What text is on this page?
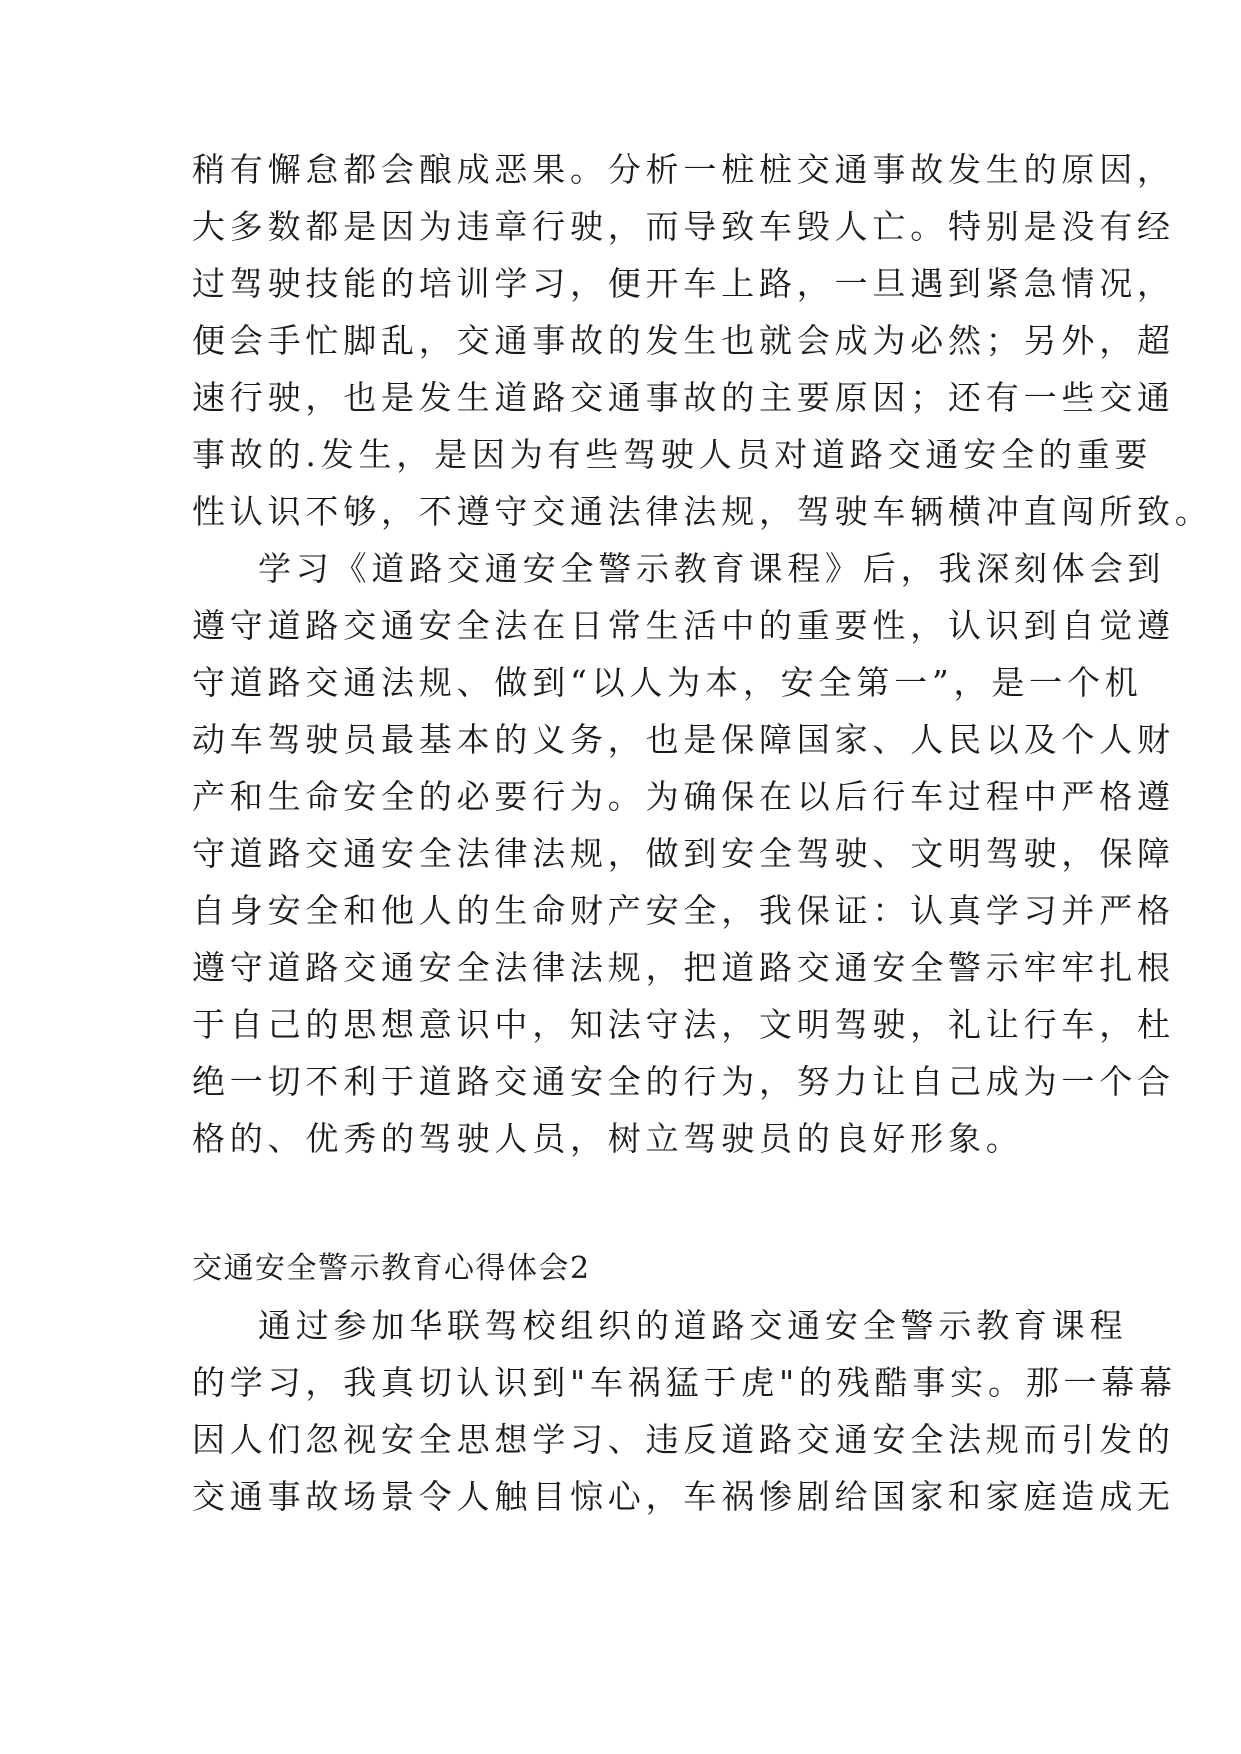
稍有懈怠都会酿成恶果。分析一桩桩交通事故发生的原因，
大多数都是因为违章行驶，而导致车毁人亡。特别是没有经
过驾驶技能的培训学习，便开车上路，一旦遇到紧急情况，
便会手忙脚乱，交通事故的发生也就会成为必然；另外，超
速行驶，也是发生道路交通事故的主要原因；还有一些交通
事故的.发生，是因为有些驾驶人员对道路交通安全的重要
性认识不够，不遵守交通法律法规，驾驶车辆横冲直闯所致。
学习《道路交通安全警示教育课程》后，我深刻体会到
遵守道路交通安全法在日常生活中的重要性，认识到自觉遵
守道路交通法规、做到“以人为本，安全第一”，是一个机
动车驾驶员最基本的义务，也是保障国家、人民以及个人财
产和生命安全的必要行为。为确保在以后行车过程中严格遵
守道路交通安全法律法规，做到安全驾驶、文明驾驶，保障
自身安全和他人的生命财产安全，我保证：认真学习并严格
遵守道路交通安全法律法规，把道路交通安全警示牢牢扎根
于自己的思想意识中，知法守法，文明驾驶，礼让行车，杜
绝一切不利于道路交通安全的行为，努力让自己成为一个合
格的、优秀的驾驶人员，树立驾驶员的良好形象。
交通安全警示教育心得体会2
通过参加华联驾校组织的道路交通安全警示教育课程
的学习，我真切认识到"车祸猛于虎"的残酷事实。那一幕幕
因人们忽视安全思想学习、违反道路交通安全法规而引发的
交通事故场景令人触目惊心，车祸惨剧给国家和家庭造成无
